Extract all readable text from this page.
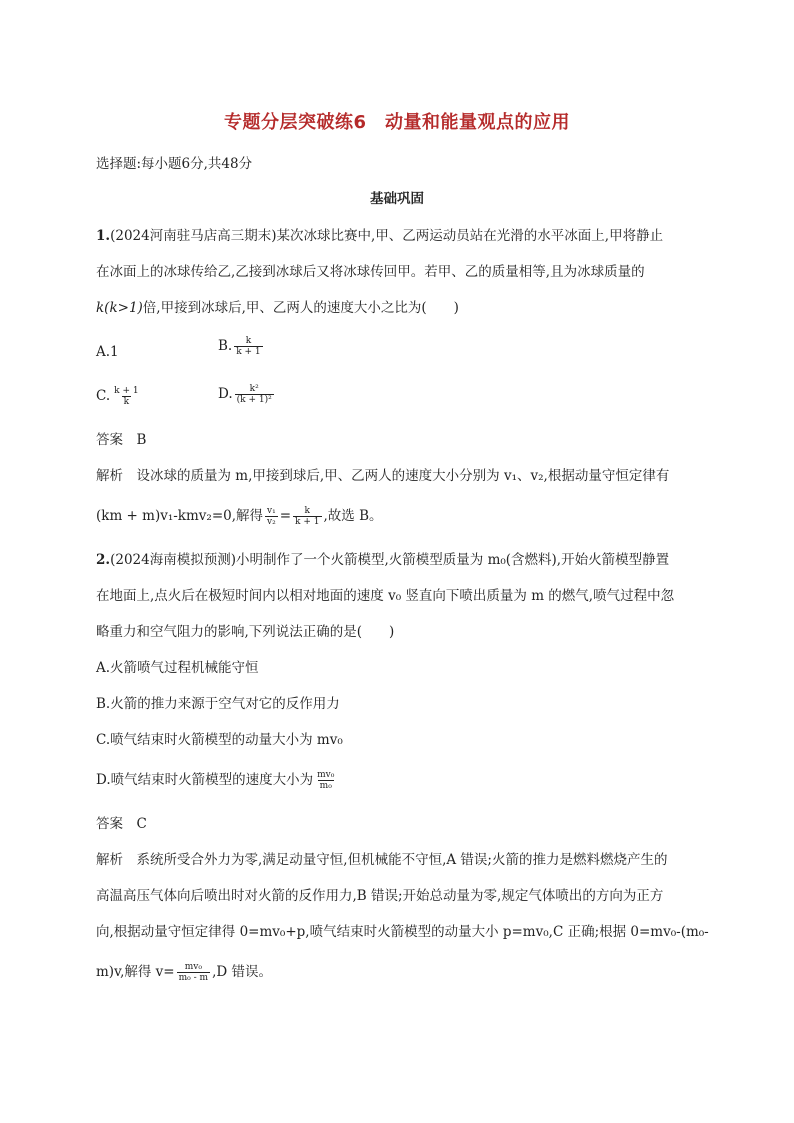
专题分层突破练6　动量和能量观点的应用
选择题:每小题6分,共48分
基础巩固
1.(2024河南驻马店高三期末)某次冰球比赛中,甲、乙两运动员站在光滑的水平冰面上,甲将静止
在冰面上的冰球传给乙,乙接到冰球后又将冰球传回甲。若甲、乙的质量相等,且为冰球质量的
k(k>1)倍,甲接到冰球后,甲、乙两人的速度大小之比为(　　)
A.1	B. $\frac{k}{k + 1}$
C. $\frac{k + 1}{k}$	D. $\frac{\text{k²}}{\text{(k + 1)²}}$
答案　B
解析　设冰球的质量为 m,甲接到球后,甲、乙两人的速度大小分别为 v₁、v₂,根据动量守恒定律有
(km + m)v₁-kmv₂=0,解得 $\frac{\text{v₁}}{\text{v₂}} = \frac{k}{k + 1}$ ,故选 B。
2.(2024海南模拟预测)小明制作了一个火箭模型,火箭模型质量为 m₀(含燃料),开始火箭模型静置
在地面上,点火后在极短时间内以相对地面的速度 v₀ 竖直向下喷出质量为 m 的燃气,喷气过程中忽
略重力和空气阻力的影响,下列说法正确的是(　　)
A.火箭喷气过程机械能守恒
B.火箭的推力来源于空气对它的反作用力
C.喷气结束时火箭模型的动量大小为 mv₀
D.喷气结束时火箭模型的速度大小为 $\frac{\text{mv₀}}{\text{m₀}}$
答案　C
解析　系统所受合外力为零,满足动量守恒,但机械能不守恒,A 错误;火箭的推力是燃料燃烧产生的
高温高压气体向后喷出时对火箭的反作用力,B 错误;开始总动量为零,规定气体喷出的方向为正方
向,根据动量守恒定律得 0=mv₀+p,喷气结束时火箭模型的动量大小 p=mv₀,C 正确;根据 0=mv₀-(m₀-
m)v,解得 $v= \frac{\text{mv₀}}{\text{m₀ - m}} ,D$ 错误。
